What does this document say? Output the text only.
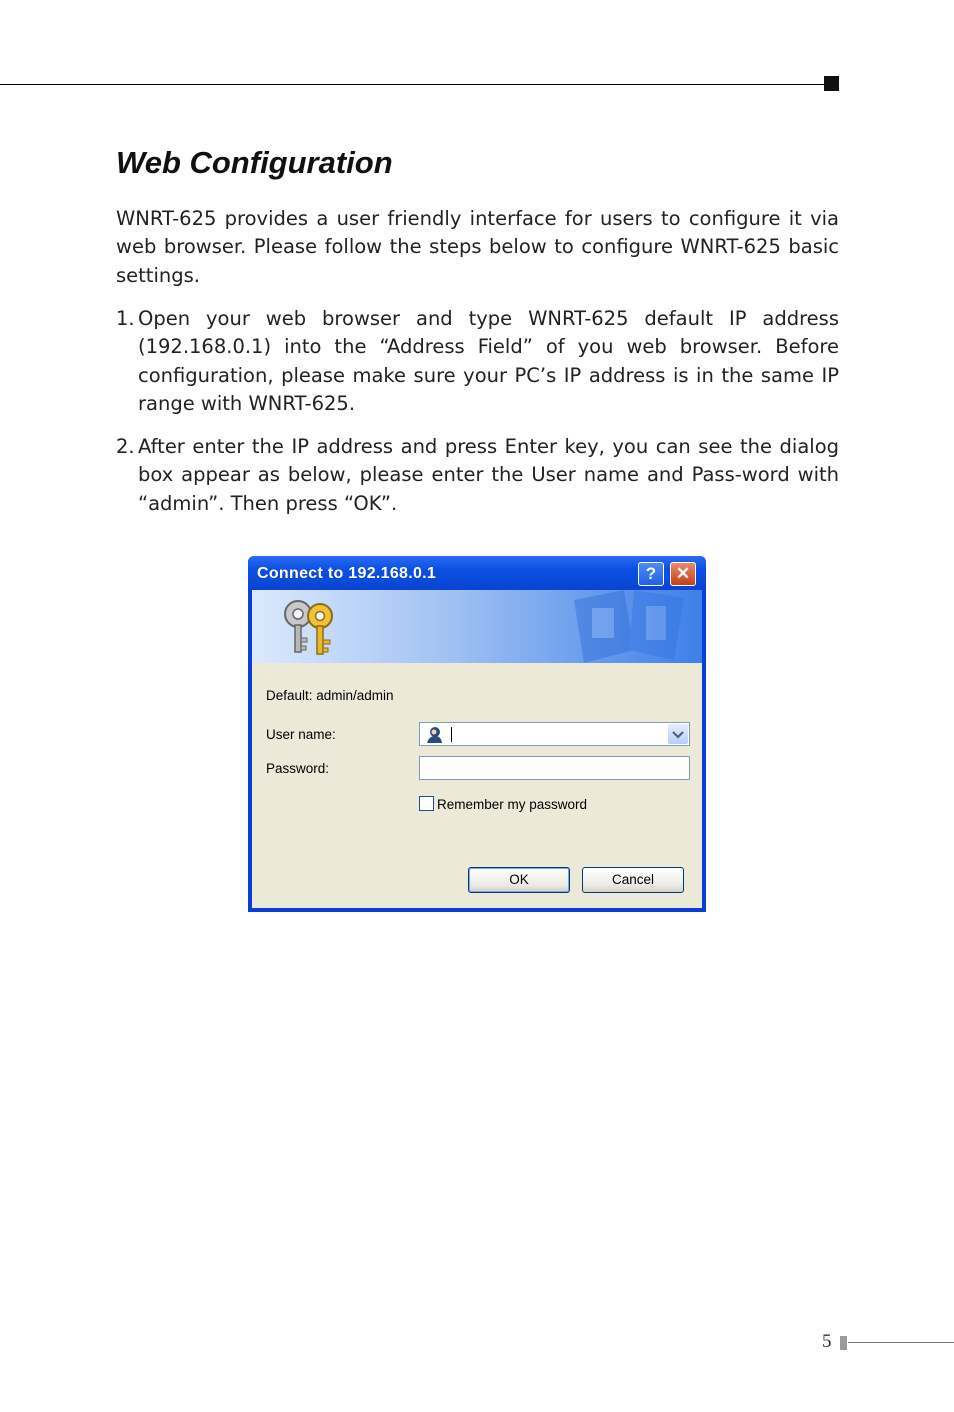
Web Configuration
WNRT-625 provides a user friendly interface for users to configure it via web browser. Please follow the steps below to configure WNRT-625 basic settings.
1. Open your web browser and type WNRT-625 default IP address (192.168.0.1) into the “Address Field” of you web browser. Before configuration, please make sure your PC’s IP address is in the same IP range with WNRT-625.
2. After enter the IP address and press Enter key, you can see the dialog box appear as below, please enter the User name and Pass-word with “admin”. Then press “OK”.
Connect to 192.168.0.1	?	✕
Default: admin/admin
User name:
Password:
Remember my password
OK	Cancel
5
